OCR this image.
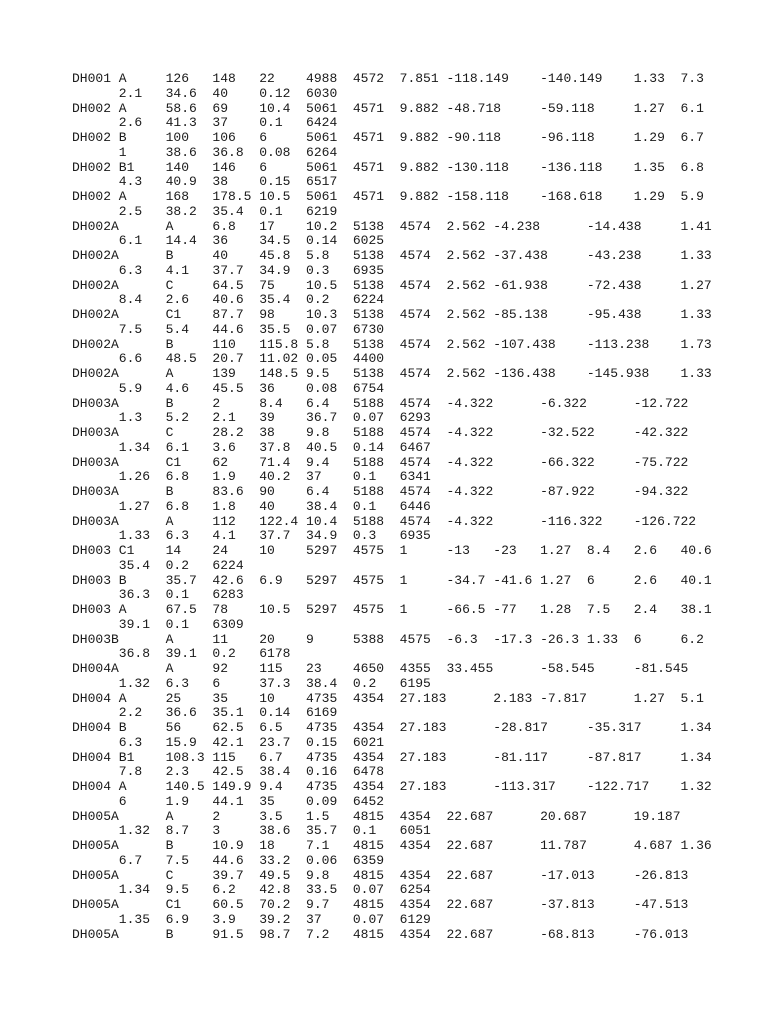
DH001 A     126   148   22    4988  4572  7.851 -118.149    -140.149    1.33  7.3
2.1   34.6  40    0.12  6030
DH002 A     58.6  69    10.4  5061  4571  9.882 -48.718     -59.118     1.27  6.1
2.6   41.3  37    0.1   6424
DH002 B     100   106   6     5061  4571  9.882 -90.118     -96.118     1.29  6.7
1     38.6  36.8  0.08  6264
DH002 B1    140   146   6     5061  4571  9.882 -130.118    -136.118    1.35  6.8
4.3   40.9  38    0.15  6517
DH002 A     168   178.5 10.5  5061  4571  9.882 -158.118    -168.618    1.29  5.9
2.5   38.2  35.4  0.1   6219
DH002A      A     6.8   17    10.2  5138  4574  2.562 -4.238      -14.438     1.41
6.1   14.4  36    34.5  0.14  6025
DH002A      B     40    45.8  5.8   5138  4574  2.562 -37.438     -43.238     1.33
6.3   4.1   37.7  34.9  0.3   6935
DH002A      C     64.5  75    10.5  5138  4574  2.562 -61.938     -72.438     1.27
8.4   2.6   40.6  35.4  0.2   6224
DH002A      C1    87.7  98    10.3  5138  4574  2.562 -85.138     -95.438     1.33
7.5   5.4   44.6  35.5  0.07  6730
DH002A      B     110   115.8 5.8   5138  4574  2.562 -107.438    -113.238    1.73
6.6   48.5  20.7  11.02 0.05  4400
DH002A      A     139   148.5 9.5   5138  4574  2.562 -136.438    -145.938    1.33
5.9   4.6   45.5  36    0.08  6754
DH003A      B     2     8.4   6.4   5188  4574  -4.322      -6.322      -12.722
1.3   5.2   2.1   39    36.7  0.07  6293
DH003A      C     28.2  38    9.8   5188  4574  -4.322      -32.522     -42.322
1.34  6.1   3.6   37.8  40.5  0.14  6467
DH003A      C1    62    71.4  9.4   5188  4574  -4.322      -66.322     -75.722
1.26  6.8   1.9   40.2  37    0.1   6341
DH003A      B     83.6  90    6.4   5188  4574  -4.322      -87.922     -94.322
1.27  6.8   1.8   40    38.4  0.1   6446
DH003A      A     112   122.4 10.4  5188  4574  -4.322      -116.322    -126.722
1.33  6.3   4.1   37.7  34.9  0.3   6935
DH003 C1    14    24    10    5297  4575  1     -13   -23   1.27  8.4   2.6   40.6
35.4  0.2   6224
DH003 B     35.7  42.6  6.9   5297  4575  1     -34.7 -41.6 1.27  6     2.6   40.1
36.3  0.1   6283
DH003 A     67.5  78    10.5  5297  4575  1     -66.5 -77   1.28  7.5   2.4   38.1
39.1  0.1   6309
DH003B      A     11    20    9     5388  4575  -6.3  -17.3 -26.3 1.33  6     6.2
36.8  39.1  0.2   6178
DH004A      A     92    115   23    4650  4355  33.455      -58.545     -81.545
1.32  6.3   6     37.3  38.4  0.2   6195
DH004 A     25    35    10    4735  4354  27.183      2.183 -7.817      1.27  5.1
2.2   36.6  35.1  0.14  6169
DH004 B     56    62.5  6.5   4735  4354  27.183      -28.817     -35.317     1.34
6.3   15.9  42.1  23.7  0.15  6021
DH004 B1    108.3 115   6.7   4735  4354  27.183      -81.117     -87.817     1.34
7.8   2.3   42.5  38.4  0.16  6478
DH004 A     140.5 149.9 9.4   4735  4354  27.183      -113.317    -122.717    1.32
6     1.9   44.1  35    0.09  6452
DH005A      A     2     3.5   1.5   4815  4354  22.687      20.687      19.187
1.32  8.7   3     38.6  35.7  0.1   6051
DH005A      B     10.9  18    7.1   4815  4354  22.687      11.787      4.687 1.36
6.7   7.5   44.6  33.2  0.06  6359
DH005A      C     39.7  49.5  9.8   4815  4354  22.687      -17.013     -26.813
1.34  9.5   6.2   42.8  33.5  0.07  6254
DH005A      C1    60.5  70.2  9.7   4815  4354  22.687      -37.813     -47.513
1.35  6.9   3.9   39.2  37    0.07  6129
DH005A      B     91.5  98.7  7.2   4815  4354  22.687      -68.813     -76.013
